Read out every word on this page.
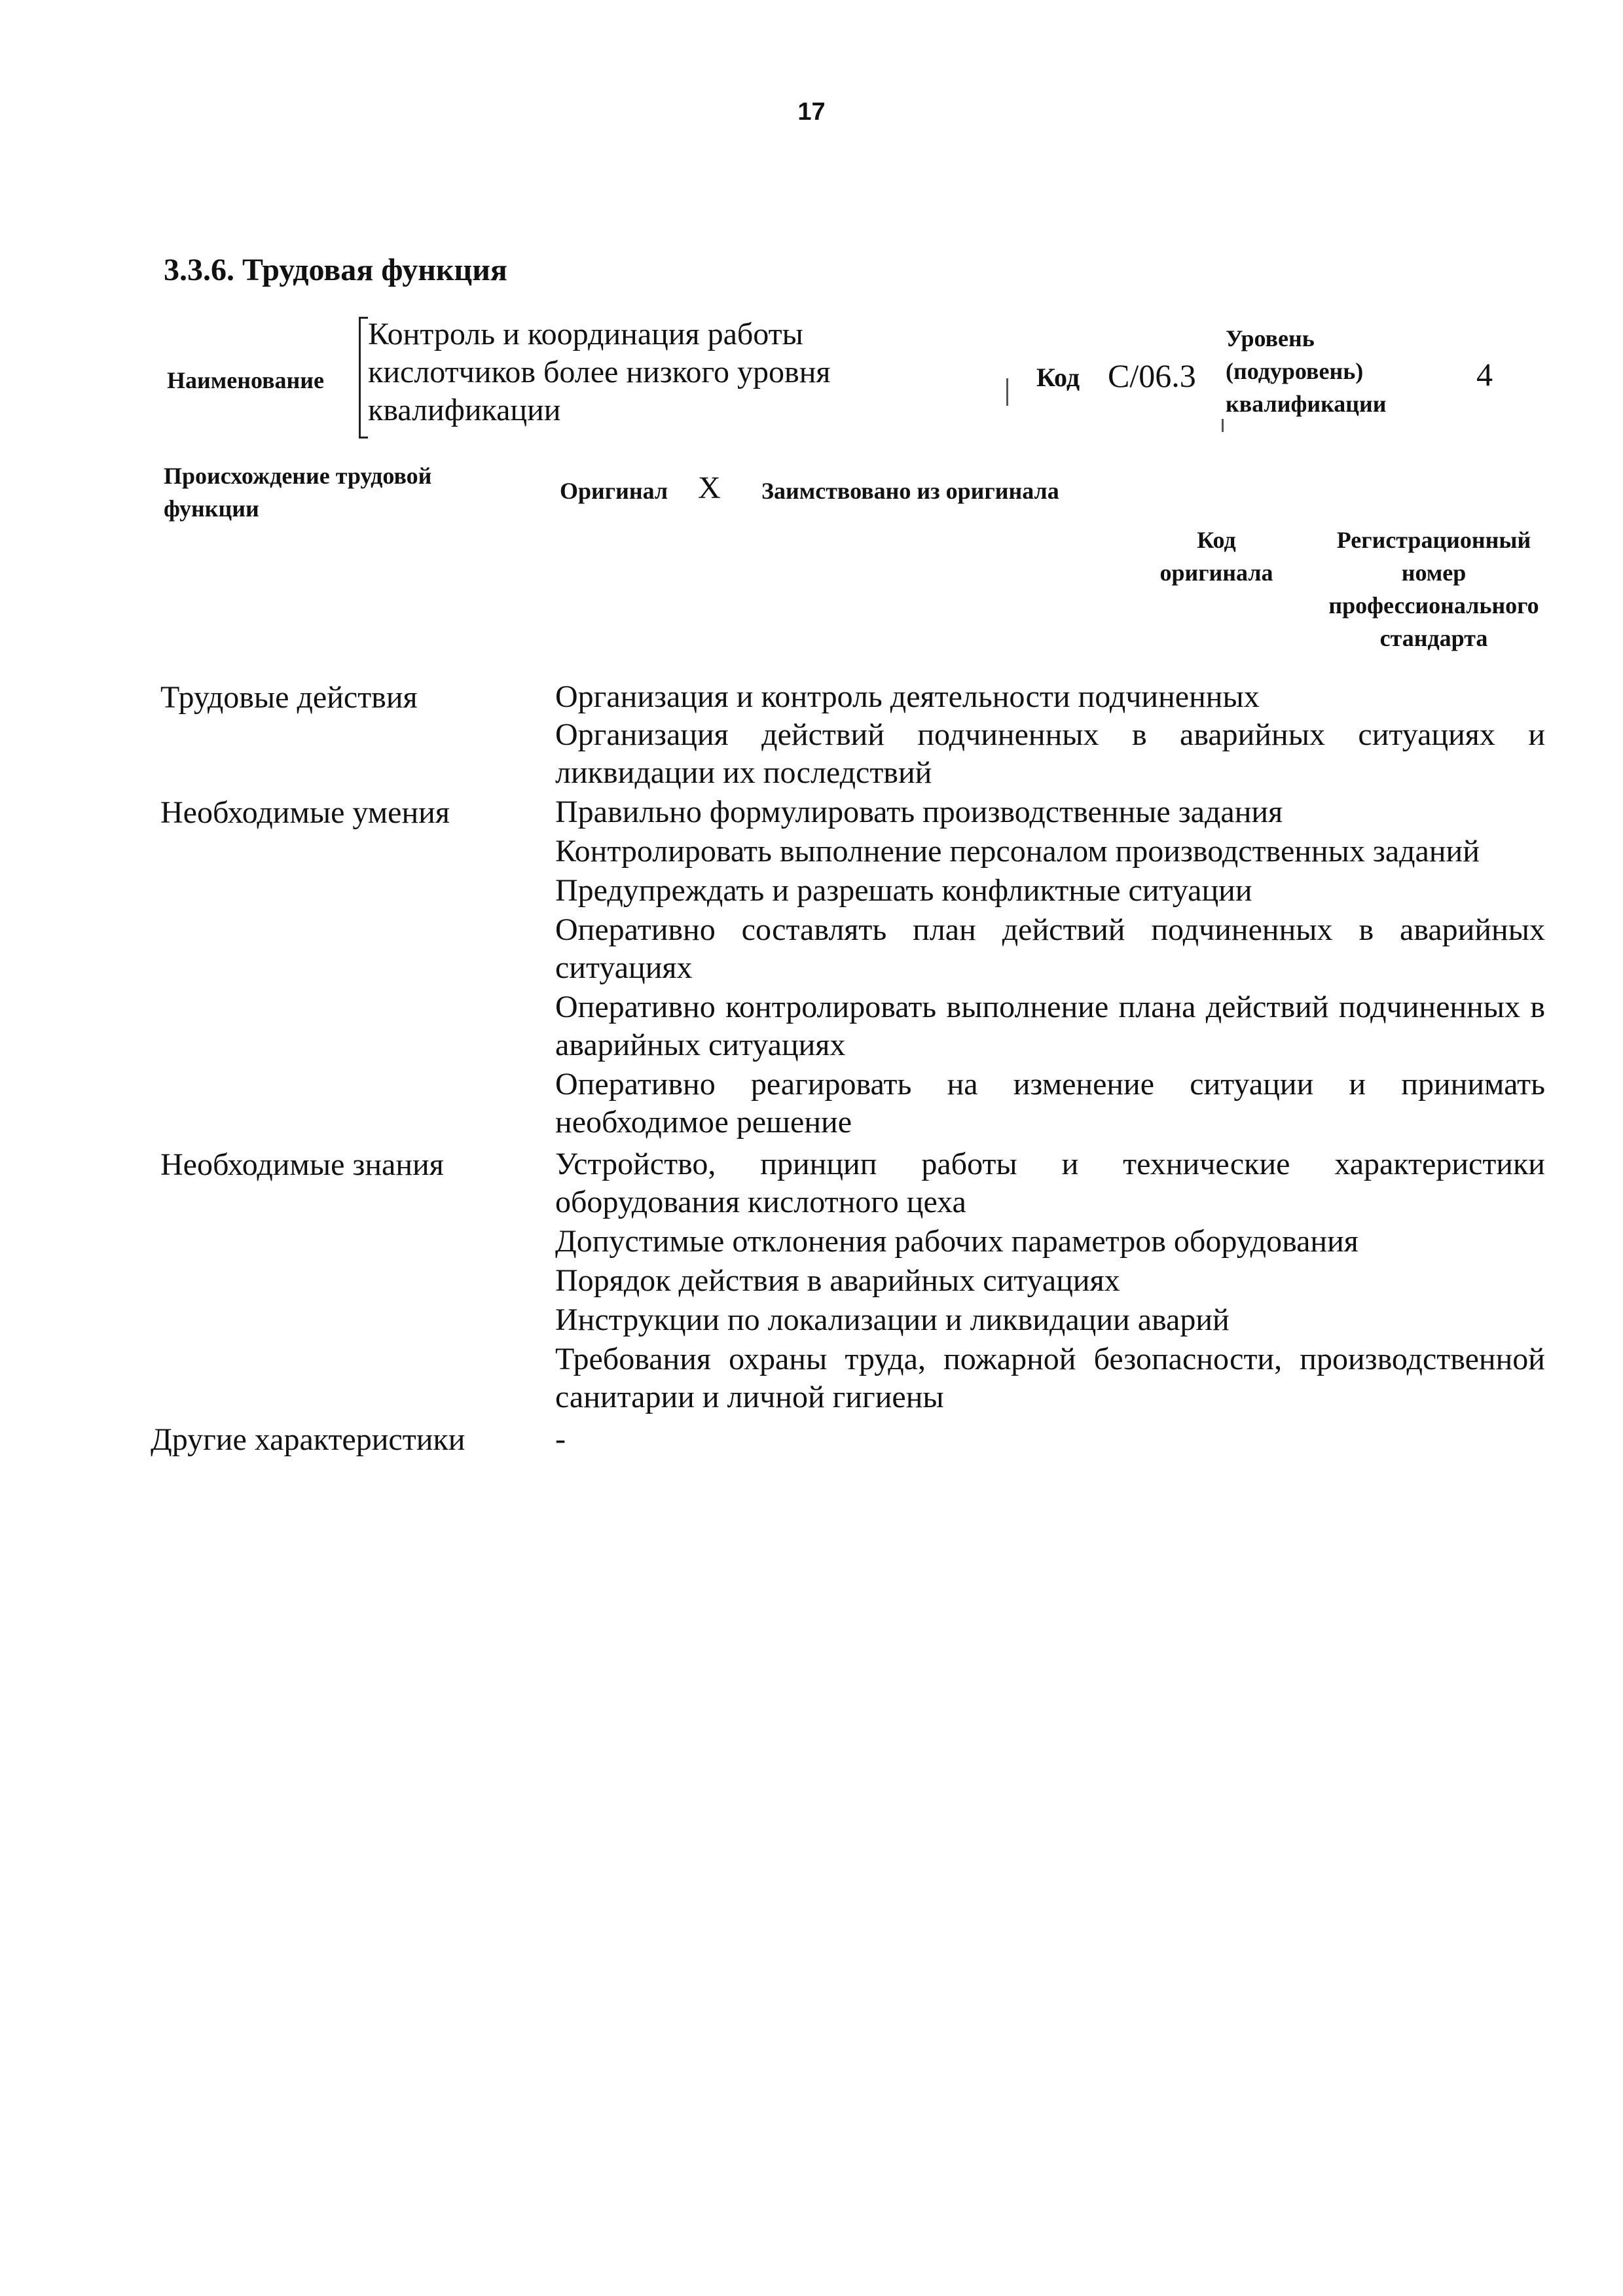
17
3.3.6. Трудовая функция
Наименование
Контроль и координация работы
кислотчиков более низкого уровня
квалификации
Код C/06.3
Уровень
(подуровень)
квалификации
4
Происхождение трудовой
функции
Оригинал X Заимствовано из оригинала
Код
оригинала
Регистрационный
номер
профессионального
стандарта
Трудовые действия	Организация и контроль деятельности подчиненных
Организация действий подчиненных в аварийных ситуациях и ликвидации их последствий
Необходимые умения	Правильно формулировать производственные задания
Контролировать выполнение персоналом производственных заданий
Предупреждать и разрешать конфликтные ситуации
Оперативно составлять план действий подчиненных в аварийных ситуациях
Оперативно контролировать выполнение плана действий подчиненных в аварийных ситуациях
Оперативно реагировать на изменение ситуации и принимать необходимое решение
Необходимые знания	Устройство, принцип работы и технические характеристики оборудования кислотного цеха
Допустимые отклонения рабочих параметров оборудования
Порядок действия в аварийных ситуациях
Инструкции по локализации и ликвидации аварий
Требования охраны труда, пожарной безопасности, производственной санитарии и личной гигиены
Другие характеристики	-
